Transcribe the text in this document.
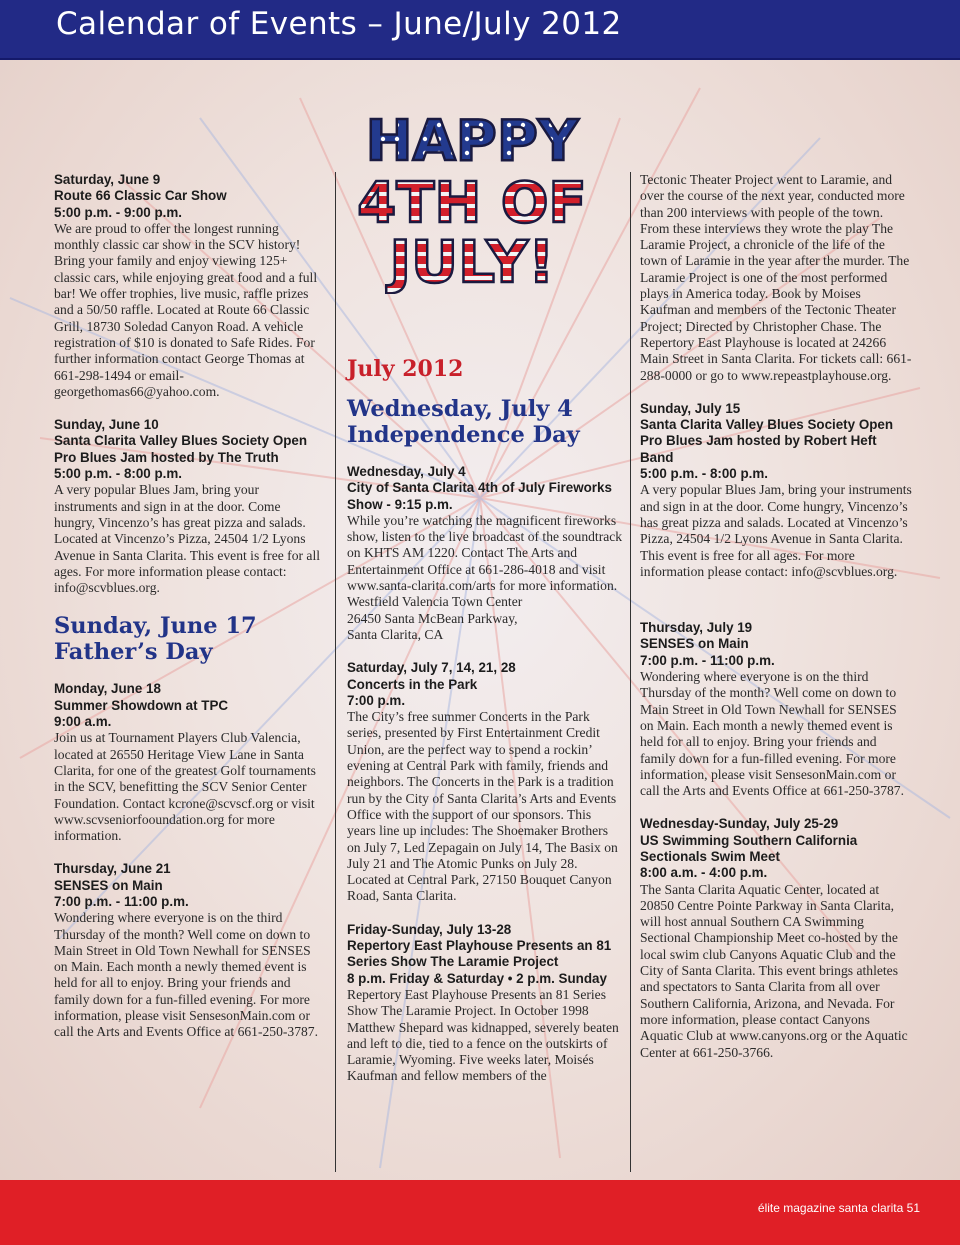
Calendar of Events – June/July 2012
HAPPY
4TH OF
JULY!
Saturday, June 9
Route 66 Classic Car Show
5:00 p.m. - 9:00 p.m.
We are proud to offer the longest running monthly classic car show in the SCV history! Bring your family and enjoy viewing 125+ classic cars, while enjoying great food and a full bar! We offer trophies, live music, raffle prizes and a 50/50 raffle. Located at Route 66 Classic Grill, 18730 Soledad Canyon Road. A vehicle registration of $10 is donated to Safe Rides. For further information contact George Thomas at 661-298-1494 or email-georgethomas66@yahoo.com.
Sunday, June 10
Santa Clarita Valley Blues Society Open Pro Blues Jam hosted by The Truth
5:00 p.m. - 8:00 p.m.
A very popular Blues Jam, bring your instruments and sign in at the door. Come hungry, Vincenzo’s has great pizza and salads. Located at Vincenzo’s Pizza, 24504 1/2 Lyons Avenue in Santa Clarita. This event is free for all ages. For more information please contact: info@scvblues.org.
Sunday, June 17
Father’s Day
Monday, June 18
Summer Showdown at TPC
9:00 a.m.
Join us at Tournament Players Club Valencia, located at 26550 Heritage View Lane in Santa Clarita, for one of the greatest Golf tournaments in the SCV, benefitting the SCV Senior Center Foundation. Contact kcrone@scvscf.org or visit www.scvseniorfooundation.org for more information.
Thursday, June 21
SENSES on Main
7:00 p.m. - 11:00 p.m.
Wondering where everyone is on the third Thursday of the month? Well come on down to Main Street in Old Town Newhall for SENSES on Main. Each month a newly themed event is held for all to enjoy. Bring your friends and family down for a fun-filled evening. For more information, please visit SensesonMain.com or call the Arts and Events Office at 661-250-3787.
July 2012
Wednesday, July 4
Independence Day
Wednesday, July 4
City of Santa Clarita 4th of July Fireworks Show - 9:15 p.m.
While you’re watching the magnificent fireworks show, listen to the live broadcast of the soundtrack on KHTS AM 1220. Contact The Arts and Entertainment Office at 661-286-4018 and visit www.santa-clarita.com/arts for more information.
Westfield Valencia Town Center
26450 Santa McBean Parkway,
Santa Clarita, CA
Saturday, July 7, 14, 21, 28
Concerts in the Park
7:00 p.m.
The City’s free summer Concerts in the Park series, presented by First Entertainment Credit Union, are the perfect way to spend a rockin’ evening at Central Park with family, friends and neighbors. The Concerts in the Park is a tradition run by the City of Santa Clarita’s Arts and Events Office with the support of our sponsors. This years line up includes: The Shoemaker Brothers on July 7, Led Zepagain on July 14, The Basix on July 21 and The Atomic Punks on July 28. Located at Central Park, 27150 Bouquet Canyon Road, Santa Clarita.
Friday-Sunday, July 13-28
Repertory East Playhouse Presents an 81 Series Show The Laramie Project
8 p.m. Friday & Saturday • 2 p.m. Sunday
Repertory East Playhouse Presents an 81 Series Show The Laramie Project. In October 1998 Matthew Shepard was kidnapped, severely beaten and left to die, tied to a fence on the outskirts of Laramie, Wyoming. Five weeks later, Moisés Kaufman and fellow members of the
Tectonic Theater Project went to Laramie, and over the course of the next year, conducted more than 200 interviews with people of the town. From these interviews they wrote the play The Laramie Project, a chronicle of the life of the town of Laramie in the year after the murder. The Laramie Project is one of the most performed plays in America today. Book by Moises Kaufman and members of the Tectonic Theater Project; Directed by Christopher Chase. The Repertory East Playhouse is located at 24266 Main Street in Santa Clarita. For tickets call: 661-288-0000 or go to www.repeastplayhouse.org.
Sunday, July 15
Santa Clarita Valley Blues Society Open Pro Blues Jam hosted by Robert Heft Band
5:00 p.m. - 8:00 p.m.
A very popular Blues Jam, bring your instruments and sign in at the door. Come hungry, Vincenzo’s has great pizza and salads. Located at Vincenzo’s Pizza, 24504 1/2 Lyons Avenue in Santa Clarita. This event is free for all ages. For more information please contact: info@scvblues.org.
Thursday, July 19
SENSES on Main
7:00 p.m. - 11:00 p.m.
Wondering where everyone is on the third Thursday of the month? Well come on down to Main Street in Old Town Newhall for SENSES on Main. Each month a newly themed event is held for all to enjoy. Bring your friends and family down for a fun-filled evening. For more information, please visit SensesonMain.com or call the Arts and Events Office at 661-250-3787.
Wednesday-Sunday, July 25-29
US Swimming Southern California Sectionals Swim Meet
8:00 a.m. - 4:00 p.m.
The Santa Clarita Aquatic Center, located at 20850 Centre Pointe Parkway in Santa Clarita, will host annual Southern CA Swimming Sectional Championship Meet co-hosted by the local swim club Canyons Aquatic Club and the City of Santa Clarita. This event brings athletes and spectators to Santa Clarita from all over Southern California, Arizona, and Nevada. For more information, please contact Canyons Aquatic Club at www.canyons.org or the Aquatic Center at 661-250-3766.
élite magazine santa clarita 51
